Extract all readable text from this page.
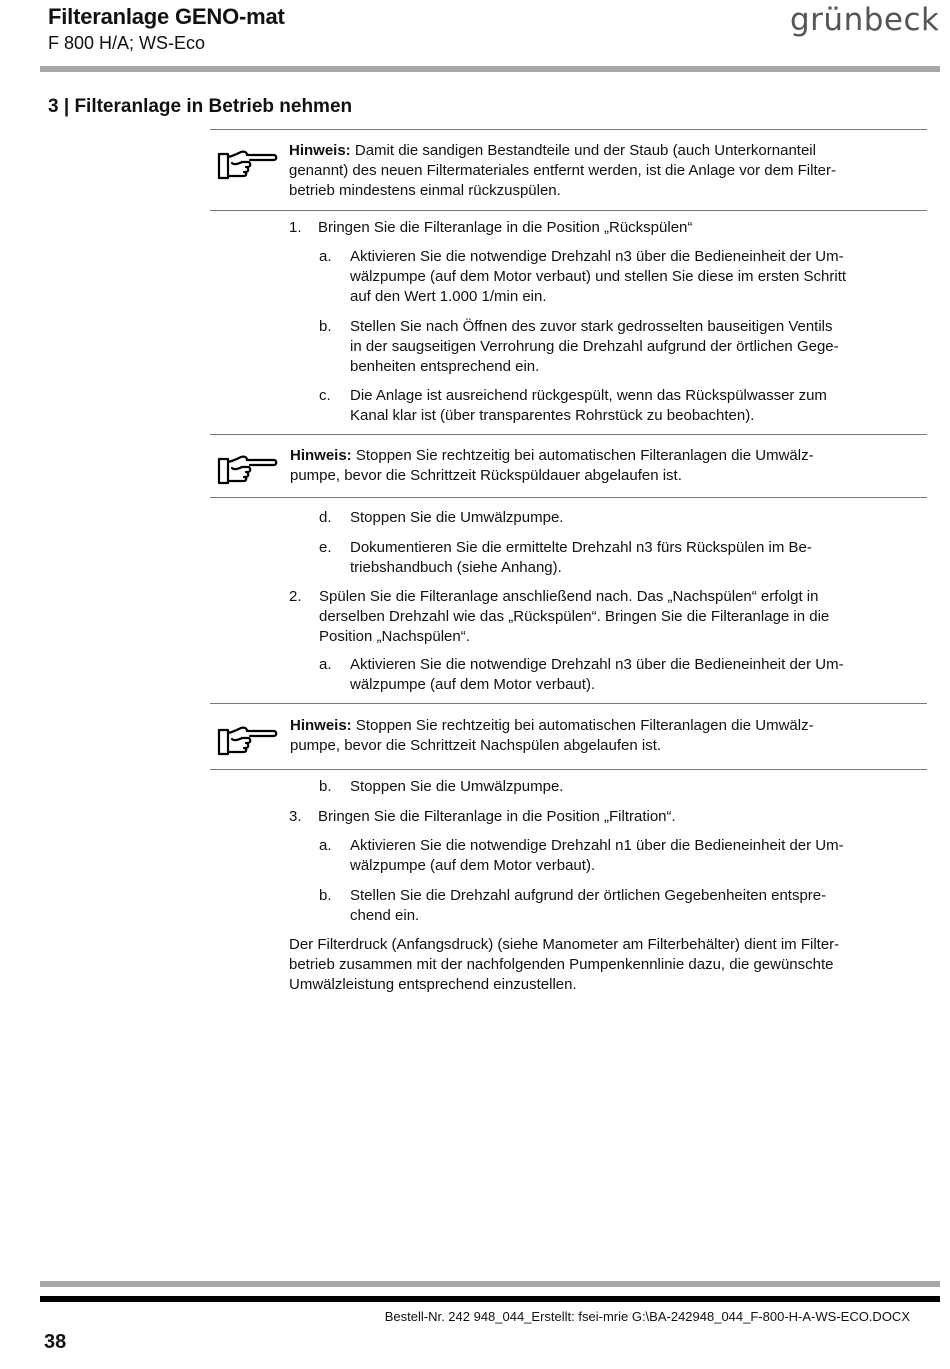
Filteranlage GENO-mat
F 800 H/A; WS-Eco
grünbeck
3 | Filteranlage in Betrieb nehmen
Hinweis: Damit die sandigen Bestandteile und der Staub (auch Unterkornanteil
genannt) des neuen Filtermateriales entfernt werden, ist die Anlage vor dem Filter-
betrieb mindestens einmal rückzuspülen.
1. Bringen Sie die Filteranlage in die Position „Rückspülen“
a. Aktivieren Sie die notwendige Drehzahl n3 über die Bedieneinheit der Um-
wälzpumpe (auf dem Motor verbaut) und stellen Sie diese im ersten Schritt
auf den Wert 1.000 1/min ein.
b. Stellen Sie nach Öffnen des zuvor stark gedrosselten bauseitigen Ventils
in der saugseitigen Verrohrung die Drehzahl aufgrund der örtlichen Gege-
benheiten entsprechend ein.
c. Die Anlage ist ausreichend rückgespült, wenn das Rückspülwasser zum
Kanal klar ist (über transparentes Rohrstück zu beobachten).
Hinweis: Stoppen Sie rechtzeitig bei automatischen Filteranlagen die Umwälz-
pumpe, bevor die Schrittzeit Rückspüldauer abgelaufen ist.
d. Stoppen Sie die Umwälzpumpe.
e. Dokumentieren Sie die ermittelte Drehzahl n3 fürs Rückspülen im Be-
triebshandbuch (siehe Anhang).
2. Spülen Sie die Filteranlage anschließend nach. Das „Nachspülen“ erfolgt in
derselben Drehzahl wie das „Rückspülen“. Bringen Sie die Filteranlage in die
Position „Nachspülen“.
a. Aktivieren Sie die notwendige Drehzahl n3 über die Bedieneinheit der Um-
wälzpumpe (auf dem Motor verbaut).
Hinweis: Stoppen Sie rechtzeitig bei automatischen Filteranlagen die Umwälz-
pumpe, bevor die Schrittzeit Nachspülen abgelaufen ist.
b. Stoppen Sie die Umwälzpumpe.
3. Bringen Sie die Filteranlage in die Position „Filtration“.
a. Aktivieren Sie die notwendige Drehzahl n1 über die Bedieneinheit der Um-
wälzpumpe (auf dem Motor verbaut).
b. Stellen Sie die Drehzahl aufgrund der örtlichen Gegebenheiten entspre-
chend ein.
Der Filterdruck (Anfangsdruck) (siehe Manometer am Filterbehälter) dient im Filter-
betrieb zusammen mit der nachfolgenden Pumpenkennlinie dazu, die gewünschte
Umwälzleistung entsprechend einzustellen.
Bestell-Nr. 242 948_044_Erstellt: fsei-mrie G:\BA-242948_044_F-800-H-A-WS-ECO.DOCX
38
